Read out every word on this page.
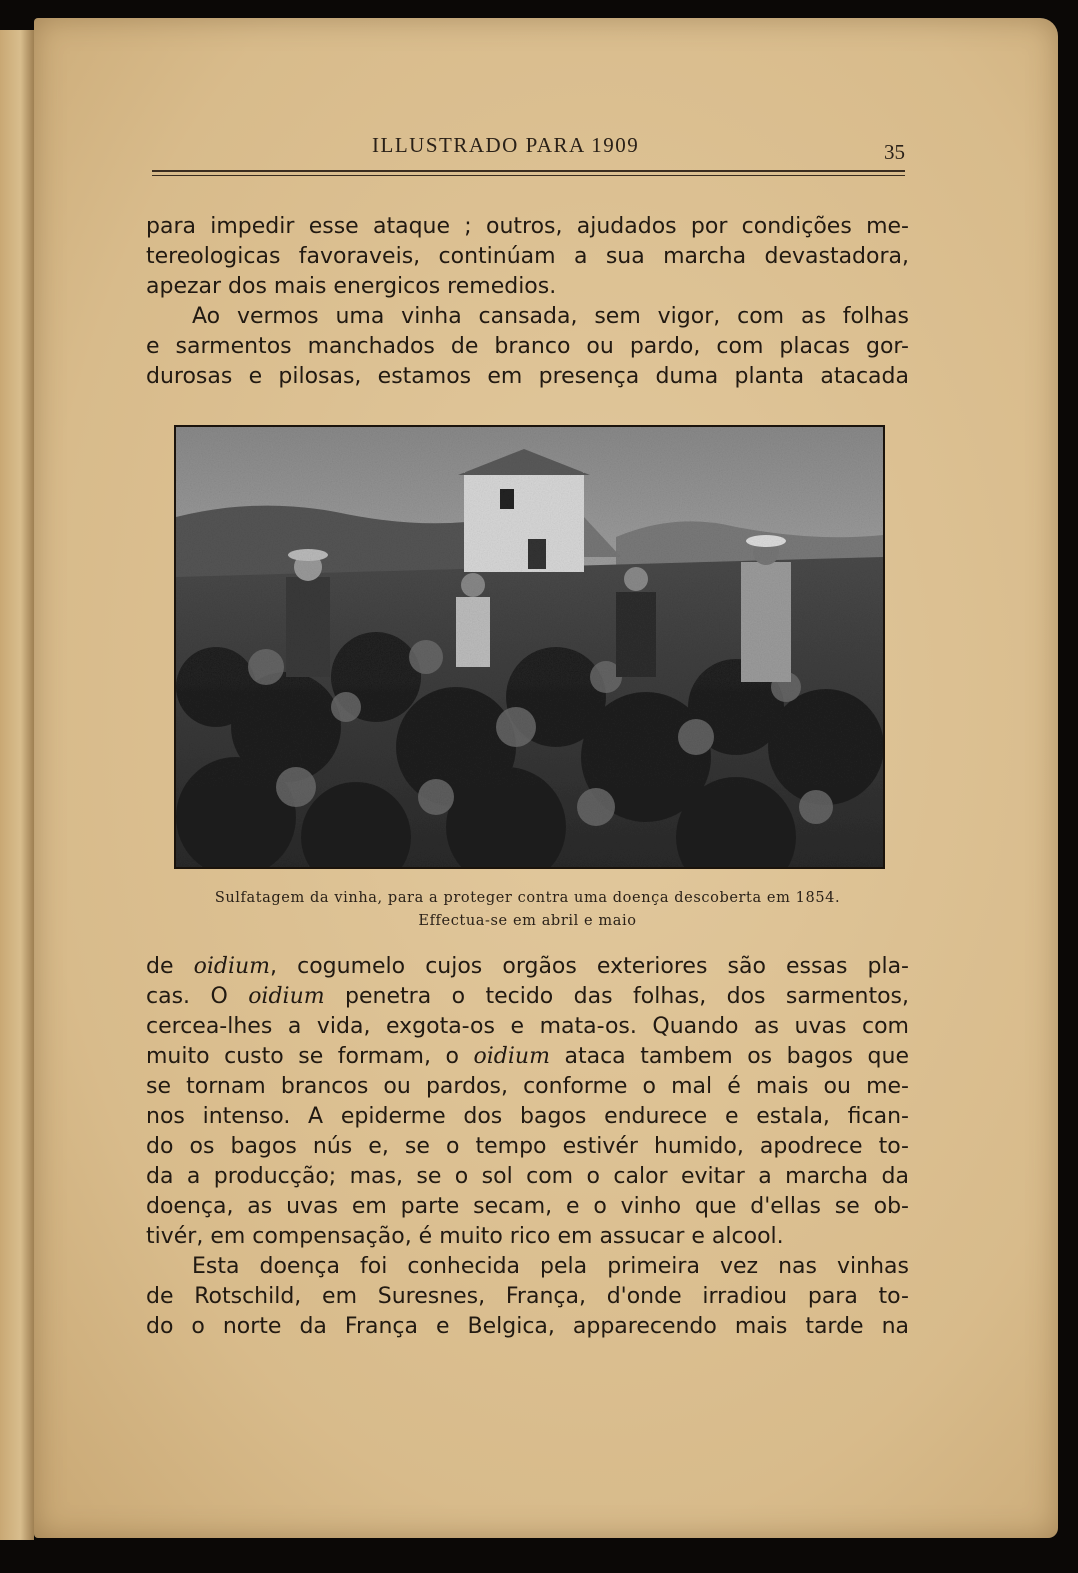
ILLUSTRADO PARA 1909	35
para impedir esse ataque ; outros, ajudados por condições me-
tereologicas favoraveis, continúam a sua marcha devastadora,
apezar dos mais energicos remedios.
Ao vermos uma vinha cansada, sem vigor, com as folhas
e sarmentos manchados de branco ou pardo, com placas gor-
durosas e pilosas, estamos em presença duma planta atacada
Sulfatagem da vinha, para a proteger contra uma doença descoberta em 1854.
Effectua-se em abril e maio
de oidium, cogumelo cujos orgãos exteriores são essas pla-
cas. O oidium penetra o tecido das folhas, dos sarmentos,
cercea-lhes a vida, exgota-os e mata-os. Quando as uvas com
muito custo se formam, o oidium ataca tambem os bagos que
se tornam brancos ou pardos, conforme o mal é mais ou me-
nos intenso. A epiderme dos bagos endurece e estala, fican-
do os bagos nús e, se o tempo estivér humido, apodrece to-
da a producção; mas, se o sol com o calor evitar a marcha da
doença, as uvas em parte secam, e o vinho que d'ellas se ob-
tivér, em compensação, é muito rico em assucar e alcool.
Esta doença foi conhecida pela primeira vez nas vinhas
de Rotschild, em Suresnes, França, d'onde irradiou para to-
do o norte da França e Belgica, apparecendo mais tarde na
